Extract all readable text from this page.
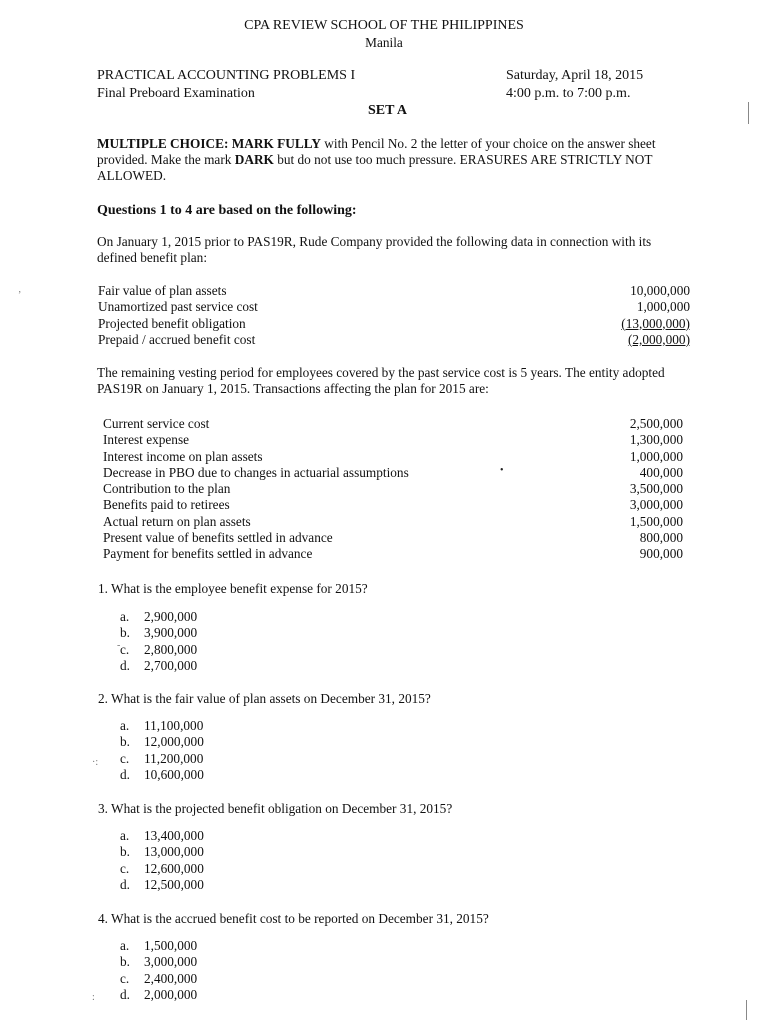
CPA REVIEW SCHOOL OF THE PHILIPPINES
Manila
PRACTICAL ACCOUNTING PROBLEMS I
Final Preboard Examination
Saturday, April 18, 2015
4:00 p.m. to 7:00 p.m.
SET A
MULTIPLE CHOICE: MARK FULLY with Pencil No. 2 the letter of your choice on the answer sheet provided. Make the mark DARK but do not use too much pressure. ERASURES ARE STRICTLY NOT ALLOWED.
Questions 1 to 4 are based on the following:
On January 1, 2015 prior to PAS19R, Rude Company provided the following data in connection with its defined benefit plan:
Fair value of plan assets	10,000,000
Unamortized past service cost	1,000,000
Projected benefit obligation	(13,000,000)
Prepaid / accrued benefit cost	(2,000,000)
The remaining vesting period for employees covered by the past service cost is 5 years. The entity adopted PAS19R on January 1, 2015. Transactions affecting the plan for 2015 are:
Current service cost	2,500,000
Interest expense	1,300,000
Interest income on plan assets	1,000,000
Decrease in PBO due to changes in actuarial assumptions	400,000
Contribution to the plan	3,500,000
Benefits paid to retirees	3,000,000
Actual return on plan assets	1,500,000
Present value of benefits settled in advance	800,000
Payment for benefits settled in advance	900,000
1. What is the employee benefit expense for 2015?
a.	2,900,000
b.	3,900,000
c.	2,800,000
d.	2,700,000
2. What is the fair value of plan assets on December 31, 2015?
a.	11,100,000
b.	12,000,000
c.	11,200,000
d.	10,600,000
3. What is the projected benefit obligation on December 31, 2015?
a.	13,400,000
b.	13,000,000
c.	12,600,000
d.	12,500,000
4. What is the accrued benefit cost to be reported on December 31, 2015?
a.	1,500,000
b.	3,000,000
c.	2,400,000
d.	2,000,000
ʼ
•
-
·:
:
